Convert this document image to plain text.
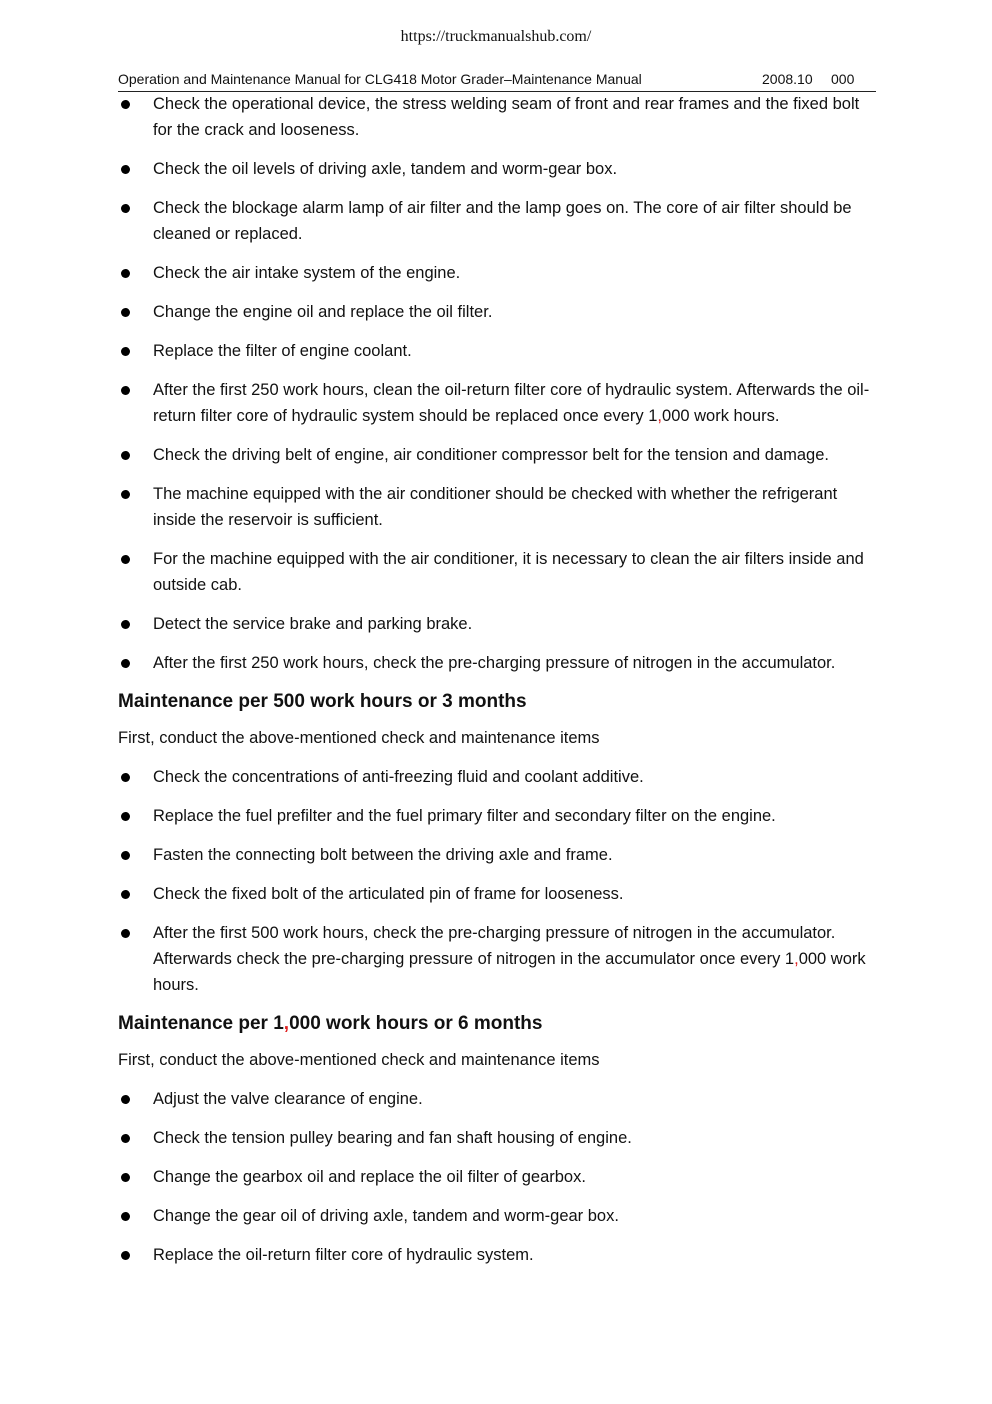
https://truckmanualshub.com/
Operation and Maintenance Manual for CLG418 Motor Grader–Maintenance Manual	2008.10 000
Check the operational device, the stress welding seam of front and rear frames and the fixed bolt for the crack and looseness.
Check the oil levels of driving axle, tandem and worm-gear box.
Check the blockage alarm lamp of air filter and the lamp goes on. The core of air filter should be cleaned or replaced.
Check the air intake system of the engine.
Change the engine oil and replace the oil filter.
Replace the filter of engine coolant.
After the first 250 work hours, clean the oil-return filter core of hydraulic system. Afterwards the oil-return filter core of hydraulic system should be replaced once every 1,000 work hours.
Check the driving belt of engine, air conditioner compressor belt for the tension and damage.
The machine equipped with the air conditioner should be checked with whether the refrigerant inside the reservoir is sufficient.
For the machine equipped with the air conditioner, it is necessary to clean the air filters inside and outside cab.
Detect the service brake and parking brake.
After the first 250 work hours, check the pre-charging pressure of nitrogen in the accumulator.
Maintenance per 500 work hours or 3 months

First, conduct the above-mentioned check and maintenance items

Check the concentrations of anti-freezing fluid and coolant additive.
Replace the fuel prefilter and the fuel primary filter and secondary filter on the engine.
Fasten the connecting bolt between the driving axle and frame.
Check the fixed bolt of the articulated pin of frame for looseness.
After the first 500 work hours, check the pre-charging pressure of nitrogen in the accumulator. Afterwards check the pre-charging pressure of nitrogen in the accumulator once every 1,000 work hours.
Maintenance per 1,000 work hours or 6 months

First, conduct the above-mentioned check and maintenance items

Adjust the valve clearance of engine.
Check the tension pulley bearing and fan shaft housing of engine.
Change the gearbox oil and replace the oil filter of gearbox.
Change the gear oil of driving axle, tandem and worm-gear box.
Replace the oil-return filter core of hydraulic system.
